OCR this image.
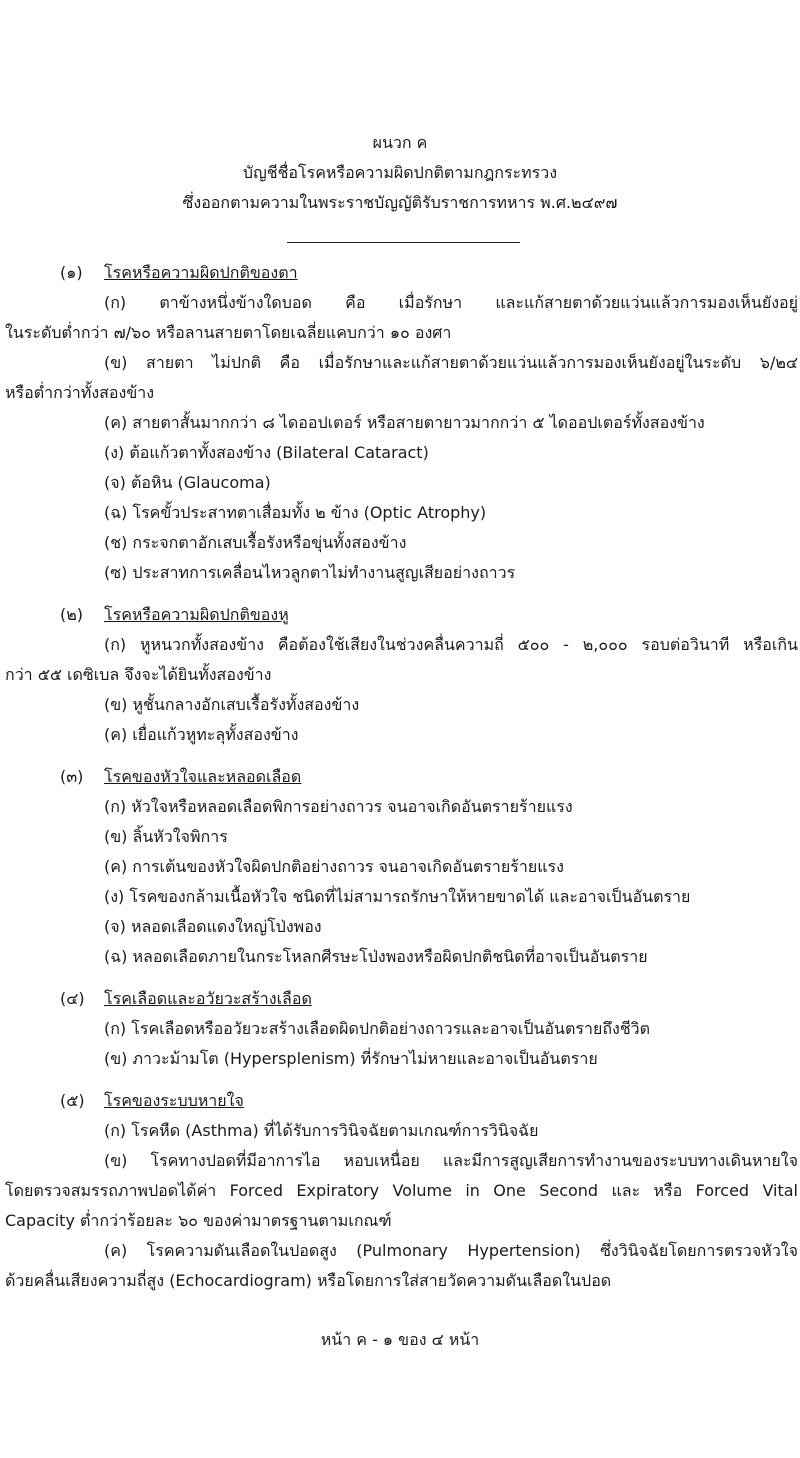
ผนวก ค
บัญชีชื่อโรคหรือความผิดปกติตามกฎกระทรวง
ซึ่งออกตามความในพระราชบัญญัติรับราชการทหาร พ.ศ.๒๔๙๗
(๑) โรคหรือความผิดปกติของตา
(ก) ตาข้างหนึ่งข้างใดบอด คือ เมื่อรักษา และแก้สายตาด้วยแว่นแล้วการมองเห็นยังอยู่
ในระดับต่ำกว่า ๗/๖๐ หรือลานสายตาโดยเฉลี่ยแคบกว่า ๑๐ องศา
(ข) สายตา ไม่ปกติ คือ เมื่อรักษาและแก้สายตาด้วยแว่นแล้วการมองเห็นยังอยู่ในระดับ ๖/๒๔
หรือต่ำกว่าทั้งสองข้าง
(ค) สายตาสั้นมากกว่า ๘ ไดออปเตอร์ หรือสายตายาวมากกว่า ๕ ไดออปเตอร์ทั้งสองข้าง
(ง) ต้อแก้วตาทั้งสองข้าง (Bilateral Cataract)
(จ) ต้อหิน (Glaucoma)
(ฉ) โรคขั้วประสาทตาเสื่อมทั้ง ๒ ข้าง (Optic Atrophy)
(ช) กระจกตาอักเสบเรื้อรังหรือขุ่นทั้งสองข้าง
(ซ) ประสาทการเคลื่อนไหวลูกตาไม่ทำงานสูญเสียอย่างถาวร
(๒) โรคหรือความผิดปกติของหู
(ก) หูหนวกทั้งสองข้าง คือต้องใช้เสียงในช่วงคลื่นความถี่ ๕๐๐ - ๒,๐๐๐ รอบต่อวินาที หรือเกิน
กว่า ๕๕ เดซิเบล จึงจะได้ยินทั้งสองข้าง
(ข) หูชั้นกลางอักเสบเรื้อรังทั้งสองข้าง
(ค) เยื่อแก้วหูทะลุทั้งสองข้าง
(๓) โรคของหัวใจและหลอดเลือด
(ก) หัวใจหรือหลอดเลือดพิการอย่างถาวร จนอาจเกิดอันตรายร้ายแรง
(ข) ลิ้นหัวใจพิการ
(ค) การเต้นของหัวใจผิดปกติอย่างถาวร จนอาจเกิดอันตรายร้ายแรง
(ง) โรคของกล้ามเนื้อหัวใจ ชนิดที่ไม่สามารถรักษาให้หายขาดได้ และอาจเป็นอันตราย
(จ) หลอดเลือดแดงใหญ่โป่งพอง
(ฉ) หลอดเลือดภายในกระโหลกศีรษะโป่งพองหรือผิดปกติชนิดที่อาจเป็นอันตราย
(๔) โรคเลือดและอวัยวะสร้างเลือด
(ก) โรคเลือดหรืออวัยวะสร้างเลือดผิดปกติอย่างถาวรและอาจเป็นอันตรายถึงชีวิต
(ข) ภาวะม้ามโต (Hypersplenism) ที่รักษาไม่หายและอาจเป็นอันตราย
(๕) โรคของระบบหายใจ
(ก) โรคหืด (Asthma) ที่ได้รับการวินิจฉัยตามเกณฑ์การวินิจฉัย
(ข) โรคทางปอดที่มีอาการไอ หอบเหนื่อย และมีการสูญเสียการทำงานของระบบทางเดินหายใจ
โดยตรวจสมรรถภาพปอดได้ค่า Forced Expiratory Volume in One Second และ หรือ Forced Vital
Capacity ต่ำกว่าร้อยละ ๖๐ ของค่ามาตรฐานตามเกณฑ์
(ค) โรคความดันเลือดในปอดสูง (Pulmonary Hypertension) ซึ่งวินิจฉัยโดยการตรวจหัวใจ
ด้วยคลื่นเสียงความถี่สูง (Echocardiogram) หรือโดยการใส่สายวัดความดันเลือดในปอด
หน้า ค - ๑ ของ ๔ หน้า
